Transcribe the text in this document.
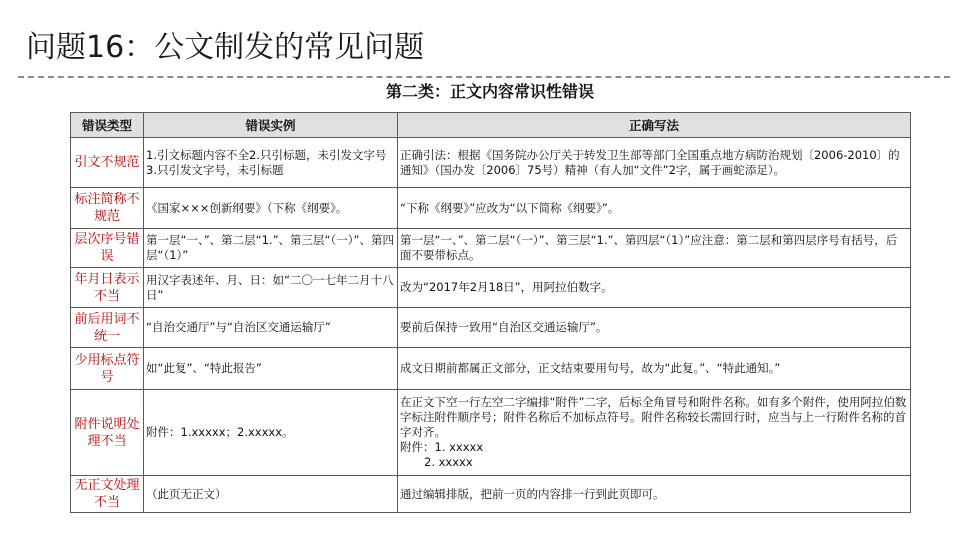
问题16：公文制发的常见问题
第二类：正文内容常识性错误
错误类型	错误实例	正确写法
引文不规范	1.引文标题内容不全2.只引标题，未引发文字号3.只引发文字号，未引标题	正确引法：根据《国务院办公厅关于转发卫生部等部门全国重点地方病防治规划〔2006-2010〕的通知》（国办发〔2006〕75号）精神（有人加“文件”2字，属于画蛇添足）。
标注简称不规范	《国家×××创新纲要》（下称《纲要》。	“下称《纲要》”应改为“以下简称《纲要》”。
层次序号错误	第一层“一、”、第二层“1.”、第三层“（一）”、第四层“（1）”	第一层“一、”、第二层“（一）”、第三层“1.”、第四层“（1）”应注意：第二层和第四层序号有括号，后面不要带标点。
年月日表示不当	用汉字表述年、月、日：如“二〇一七年二月十八日”	改为“2017年2月18日”，用阿拉伯数字。
前后用词不统一	“自治交通厅”与“自治区交通运输厅”	要前后保持一致用“自治区交通运输厅”。
少用标点符号	如“此复”、“特此报告”	成文日期前都属正文部分，正文结束要用句号，故为“此复。”、“特此通知。”
附件说明处理不当	附件：1.xxxxx；2.xxxxx。	在正文下空一行左空二字编排“附件”二字，后标全角冒号和附件名称。如有多个附件，使用阿拉伯数字标注附件顺序号；附件名称后不加标点符号。附件名称较长需回行时，应当与上一行附件名称的首字对齐。
附件：1. xxxxx
2. xxxxx

无正文处理不当	（此页无正文）	通过编辑排版，把前一页的内容排一行到此页即可。
